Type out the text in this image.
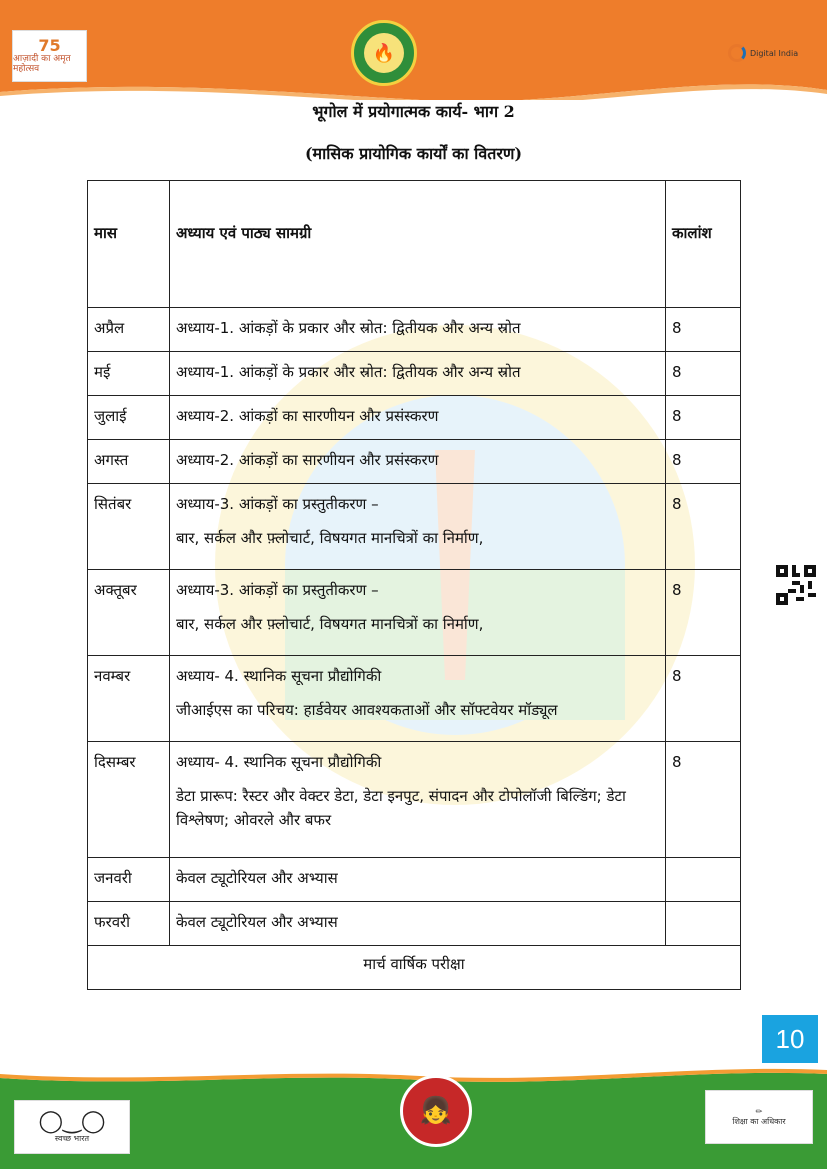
75
आज़ादी का अमृत महोत्सव
🔥	Digital India
भूगोल में प्रयोगात्मक कार्य- भाग 2
(मासिक प्रायोगिक कार्यों का वितरण)
मास	अध्याय एवं पाठ्य सामग्री	कालांश

अप्रैल	अध्याय-1. आंकड़ों के प्रकार और स्रोत: द्वितीयक और अन्य स्रोत	8

मई	अध्याय-1. आंकड़ों के प्रकार और स्रोत: द्वितीयक और अन्य स्रोत	8

जुलाई	अध्याय-2. आंकड़ों का सारणीयन और प्रसंस्करण	8

अगस्त	अध्याय-2. आंकड़ों का सारणीयन और प्रसंस्करण	8

सितंबर	अध्याय-3. आंकड़ों का प्रस्तुतीकरण –
बार, सर्कल और फ़्लोचार्ट, विषयगत मानचित्रों का निर्माण,	8

अक्तूबर	अध्याय-3. आंकड़ों का प्रस्तुतीकरण –
बार, सर्कल और फ़्लोचार्ट, विषयगत मानचित्रों का निर्माण,	8

नवम्बर	अध्याय- 4. स्थानिक सूचना प्रौद्योगिकी
जीआईएस का परिचय: हार्डवेयर आवश्यकताओं और सॉफ्टवेयर मॉड्यूल	8

दिसम्बर	अध्याय- 4. स्थानिक सूचना प्रौद्योगिकी
डेटा प्रारूप: रैस्टर और वेक्टर डेटा, डेटा इनपुट, संपादन और टोपोलॉजी बिल्डिंग; डेटा विश्लेषण; ओवरले और बफर	8

जनवरी	केवल ट्यूटोरियल और अभ्यास	

फरवरी	केवल ट्यूटोरियल और अभ्यास	

मार्च वार्षिक परीक्षा		
10
◯‿◯
स्वच्छ भारत
👧	✏
शिक्षा का अधिकार
